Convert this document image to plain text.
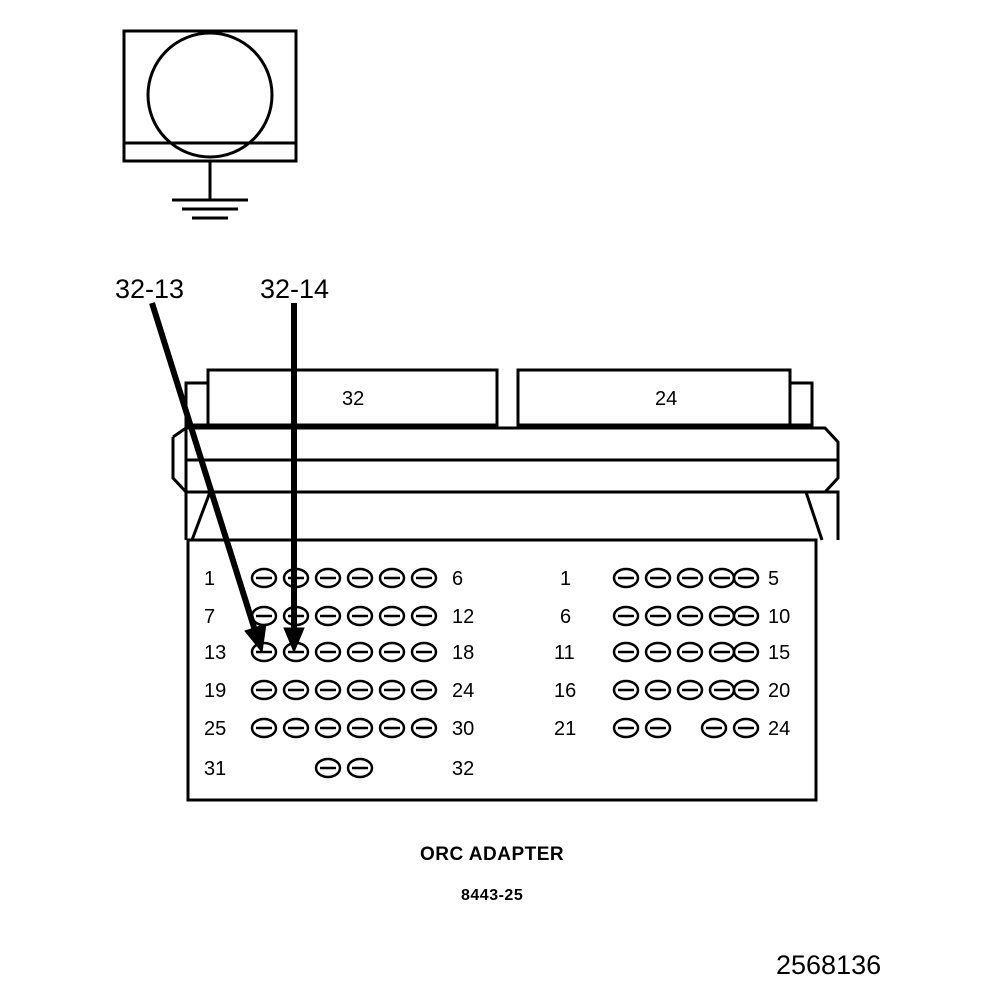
32-13	32-14
32	24
1	6
7	12
13	18
19	24
25	30
31	32
1	5
6	10
11	15
16	20
21	24
ORC ADAPTER
8443-25
2568136
